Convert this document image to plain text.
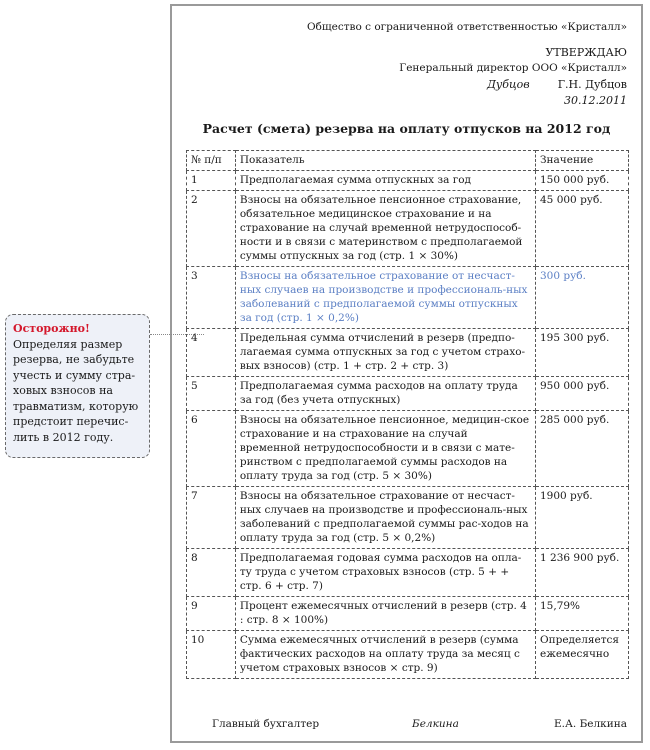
Общество с ограниченной ответственностью «Кристалл»
УТВЕРЖДАЮ
Генеральный директор ООО «Кристалл»
Дубцов	Г.Н. Дубцов
30.12.2011
Расчет (смета) резерва на оплату отпусков на 2012 год
№ п/п	Показатель	Значение
1	Предполагаемая сумма отпускных за год	150 000 руб.
2	Взносы на обязательное пенсионное страхование, обязательное медицинское страхование и на страхование на случай временной нетрудоспособ-ности и в связи с материнством с предполагаемой суммы отпускных за год (стр. 1 × 30%)	45 000 руб.
3	Взносы на обязательное страхование от несчаст-ных случаев на производстве и профессиональ-ных заболеваний с предполагаемой суммы отпускных за год (стр. 1 × 0,2%)	300 руб.
4	Предельная сумма отчислений в резерв (предпо-лагаемая сумма отпускных за год с учетом страхо-вых взносов) (стр. 1 + стр. 2 + стр. 3)	195 300 руб.
5	Предполагаемая сумма расходов на оплату труда за год (без учета отпускных)	950 000 руб.
6	Взносы на обязательное пенсионное, медицин-ское страхование и на страхование на случай временной нетрудоспособности и в связи с мате-ринством с предполагаемой суммы расходов на оплату труда за год (стр. 5 × 30%)	285 000 руб.
7	Взносы на обязательное страхование от несчаст-ных случаев на производстве и профессиональ-ных заболеваний с предполагаемой суммы рас-ходов на оплату труда за год (стр. 5 × 0,2%)	1900 руб.
8	Предполагаемая годовая сумма расходов на опла-ту труда с учетом страховых взносов (стр. 5 + + стр. 6 + стр. 7)	1 236 900 руб.
9	Процент ежемесячных отчислений в резерв (стр. 4 : стр. 8 × 100%)	15,79%
10	Сумма ежемесячных отчислений в резерв (сумма фактических расходов на оплату труда за месяц с учетом страховых взносов × стр. 9)	Определяется ежемесячно
Главный бухгалтер	Белкина	Е.А. Белкина
Осторожно!
Определяя размер резерва, не забудьте учесть и сумму стра-ховых взносов на травматизм, которую предстоит перечис-лить в 2012 году.
